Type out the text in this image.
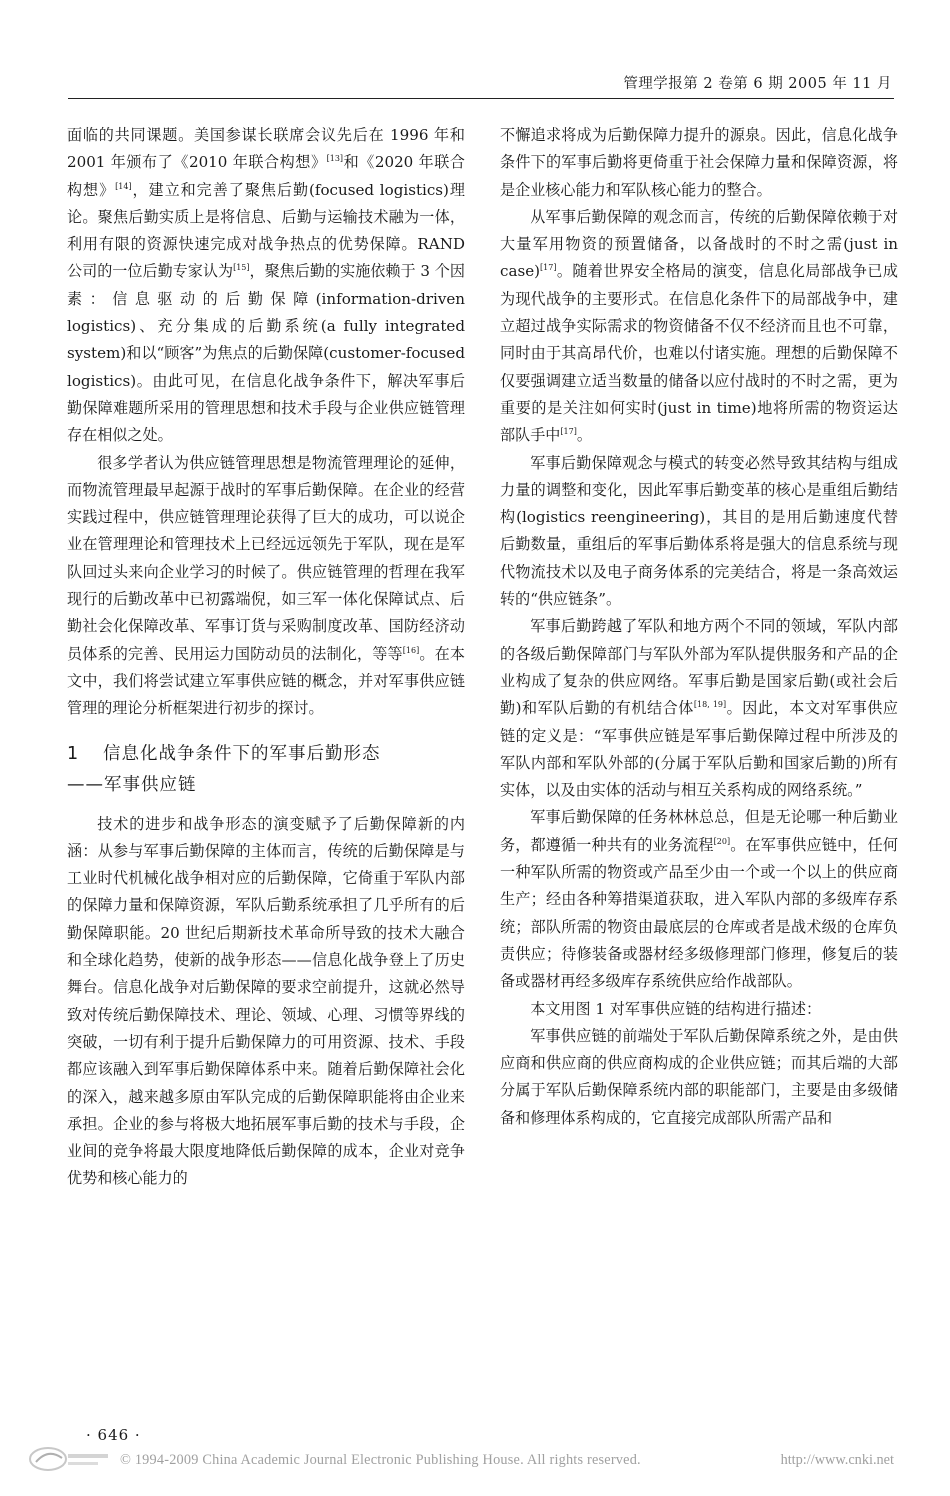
管理学报第 2 卷第 6 期 2005 年 11 月

面临的共同课题。美国参谋长联席会议先后在 1996 年和 2001 年颁布了《2010 年联合构想》[13]和《2020 年联合构想》[14]，建立和完善了聚焦后勤(focused logistics)理论。聚焦后勤实质上是将信息、后勤与运输技术融为一体，利用有限的资源快速完成对战争热点的优势保障。RAND 公司的一位后勤专家认为[15]，聚焦后勤的实施依赖于 3 个因素：信息驱动的后勤保障(information-driven logistics)、充分集成的后勤系统(a fully integrated system)和以“顾客”为焦点的后勤保障(customer-focused logistics)。由此可见，在信息化战争条件下，解决军事后勤保障难题所采用的管理思想和技术手段与企业供应链管理存在相似之处。

很多学者认为供应链管理思想是物流管理理论的延伸，而物流管理最早起源于战时的军事后勤保障。在企业的经营实践过程中，供应链管理理论获得了巨大的成功，可以说企业在管理理论和管理技术上已经远远领先于军队，现在是军队回过头来向企业学习的时候了。供应链管理的哲理在我军现行的后勤改革中已初露端倪，如三军一体化保障试点、后勤社会化保障改革、军事订货与采购制度改革、国防经济动员体系的完善、民用运力国防动员的法制化，等等[16]。在本文中，我们将尝试建立军事供应链的概念，并对军事供应链管理的理论分析框架进行初步的探讨。

1 信息化战争条件下的军事后勤形态
——军事供应链

技术的进步和战争形态的演变赋予了后勤保障新的内涵：从参与军事后勤保障的主体而言，传统的后勤保障是与工业时代机械化战争相对应的后勤保障，它倚重于军队内部的保障力量和保障资源，军队后勤系统承担了几乎所有的后勤保障职能。20 世纪后期新技术革命所导致的技术大融合和全球化趋势，使新的战争形态——信息化战争登上了历史舞台。信息化战争对后勤保障的要求空前提升，这就必然导致对传统后勤保障技术、理论、领域、心理、习惯等界线的突破，一切有利于提升后勤保障力的可用资源、技术、手段都应该融入到军事后勤保障体系中来。随着后勤保障社会化的深入，越来越多原由军队完成的后勤保障职能将由企业来承担。企业的参与将极大地拓展军事后勤的技术与手段，企业间的竞争将最大限度地降低后勤保障的成本，企业对竞争优势和核心能力的

不懈追求将成为后勤保障力提升的源泉。因此，信息化战争条件下的军事后勤将更倚重于社会保障力量和保障资源，将是企业核心能力和军队核心能力的整合。

从军事后勤保障的观念而言，传统的后勤保障依赖于对大量军用物资的预置储备，以备战时的不时之需(just in case)[17]。随着世界安全格局的演变，信息化局部战争已成为现代战争的主要形式。在信息化条件下的局部战争中，建立超过战争实际需求的物资储备不仅不经济而且也不可靠，同时由于其高昂代价，也难以付诸实施。理想的后勤保障不仅要强调建立适当数量的储备以应付战时的不时之需，更为重要的是关注如何实时(just in time)地将所需的物资运达部队手中[17]。

军事后勤保障观念与模式的转变必然导致其结构与组成力量的调整和变化，因此军事后勤变革的核心是重组后勤结构(logistics reengineering)，其目的是用后勤速度代替后勤数量，重组后的军事后勤体系将是强大的信息系统与现代物流技术以及电子商务体系的完美结合，将是一条高效运转的“供应链条”。

军事后勤跨越了军队和地方两个不同的领域，军队内部的各级后勤保障部门与军队外部为军队提供服务和产品的企业构成了复杂的供应网络。军事后勤是国家后勤(或社会后勤)和军队后勤的有机结合体[18, 19]。因此，本文对军事供应链的定义是：“军事供应链是军事后勤保障过程中所涉及的军队内部和军队外部的(分属于军队后勤和国家后勤的)所有实体，以及由实体的活动与相互关系构成的网络系统。”

军事后勤保障的任务林林总总，但是无论哪一种后勤业务，都遵循一种共有的业务流程[20]。在军事供应链中，任何一种军队所需的物资或产品至少由一个或一个以上的供应商生产；经由各种筹措渠道获取，进入军队内部的多级库存系统；部队所需的物资由最底层的仓库或者是战术级的仓库负责供应；待修装备或器材经多级修理部门修理，修复后的装备或器材再经多级库存系统供应给作战部队。

本文用图 1 对军事供应链的结构进行描述：

军事供应链的前端处于军队后勤保障系统之外，是由供应商和供应商的供应商构成的企业供应链；而其后端的大部分属于军队后勤保障系统内部的职能部门，主要是由多级储备和修理体系构成的，它直接完成部队所需产品和

· 646 ·
© 1994-2009 China Academic Journal Electronic Publishing House. All rights reserved.	http://www.cnki.net
